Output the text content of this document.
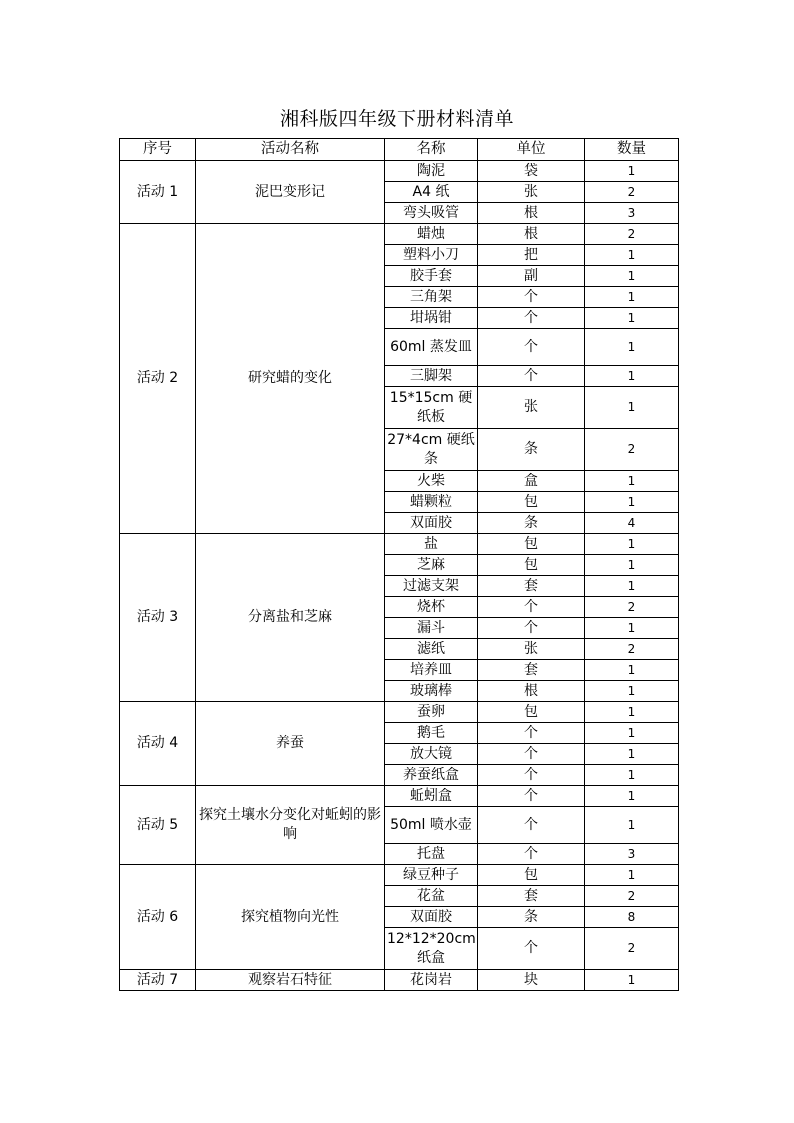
湘科版四年级下册材料清单
序号	活动名称	名称	单位	数量
活动 1	泥巴变形记	陶泥	袋	1
		A4 纸	张	2
		弯头吸管	根	3
活动 2	研究蜡的变化	蜡烛	根	2
		塑料小刀	把	1
		胶手套	副	1
		三角架	个	1
		坩埚钳	个	1
		60ml 蒸发皿	个	1
		三脚架	个	1
		15*15cm 硬纸板	张	1
		27*4cm 硬纸条	条	2
		火柴	盒	1
		蜡颗粒	包	1
		双面胶	条	4
活动 3	分离盐和芝麻	盐	包	1
		芝麻	包	1
		过滤支架	套	1
		烧杯	个	2
		漏斗	个	1
		滤纸	张	2
		培养皿	套	1
		玻璃棒	根	1
活动 4	养蚕	蚕卵	包	1
		鹅毛	个	1
		放大镜	个	1
		养蚕纸盒	个	1
活动 5	探究土壤水分变化对蚯蚓的影响	蚯蚓盒	个	1
		50ml 喷水壶	个	1
		托盘	个	3
活动 6	探究植物向光性	绿豆种子	包	1
		花盆	套	2
		双面胶	条	8
		12*12*20cm 纸盒	个	2
活动 7	观察岩石特征	花岗岩	块	1
